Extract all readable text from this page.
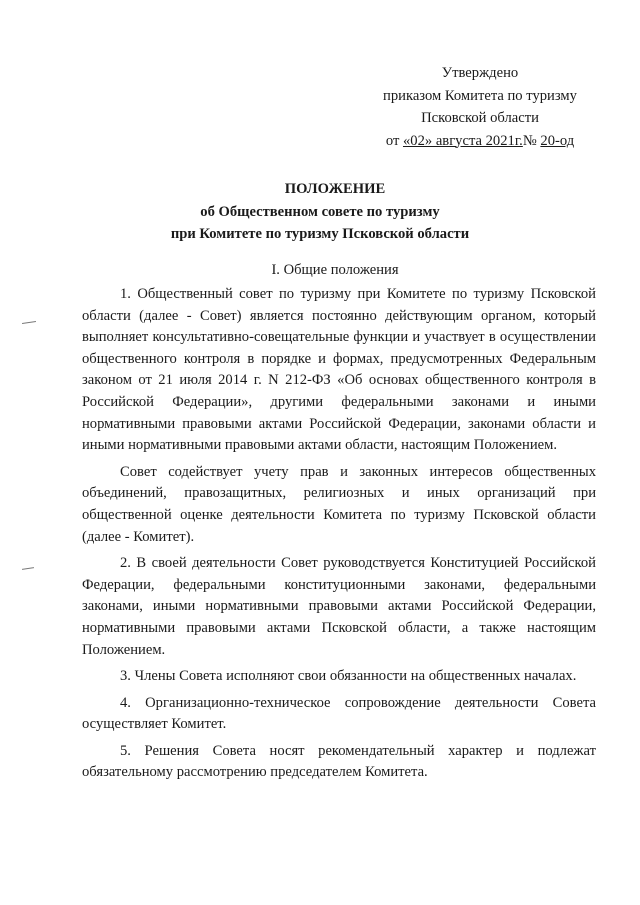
Утверждено
приказом Комитета по туризму
Псковской области
от «02» августа 2021г.№ 20-од
ПОЛОЖЕНИЕ
об Общественном совете по туризму
при Комитете по туризму Псковской области
I. Общие положения

1. Общественный совет по туризму при Комитете по туризму Псковской области (далее - Совет) является постоянно действующим органом, который выполняет консультативно-совещательные функции и участвует в осуществлении общественного контроля в порядке и формах, предусмотренных Федеральным законом от 21 июля 2014 г. N 212-ФЗ «Об основах общественного контроля в Российской Федерации», другими федеральными законами и иными нормативными правовыми актами Российской Федерации, законами области и иными нормативными правовыми актами области, настоящим Положением.

Совет содействует учету прав и законных интересов общественных объединений, правозащитных, религиозных и иных организаций при общественной оценке деятельности Комитета по туризму Псковской области (далее - Комитет).

2. В своей деятельности Совет руководствуется Конституцией Российской Федерации, федеральными конституционными законами, федеральными законами, иными нормативными правовыми актами Российской Федерации, нормативными правовыми актами Псковской области, а также настоящим Положением.

3. Члены Совета исполняют свои обязанности на общественных началах.

4. Организационно-техническое сопровождение деятельности Совета осуществляет Комитет.

5. Решения Совета носят рекомендательный характер и подлежат обязательному рассмотрению председателем Комитета.
